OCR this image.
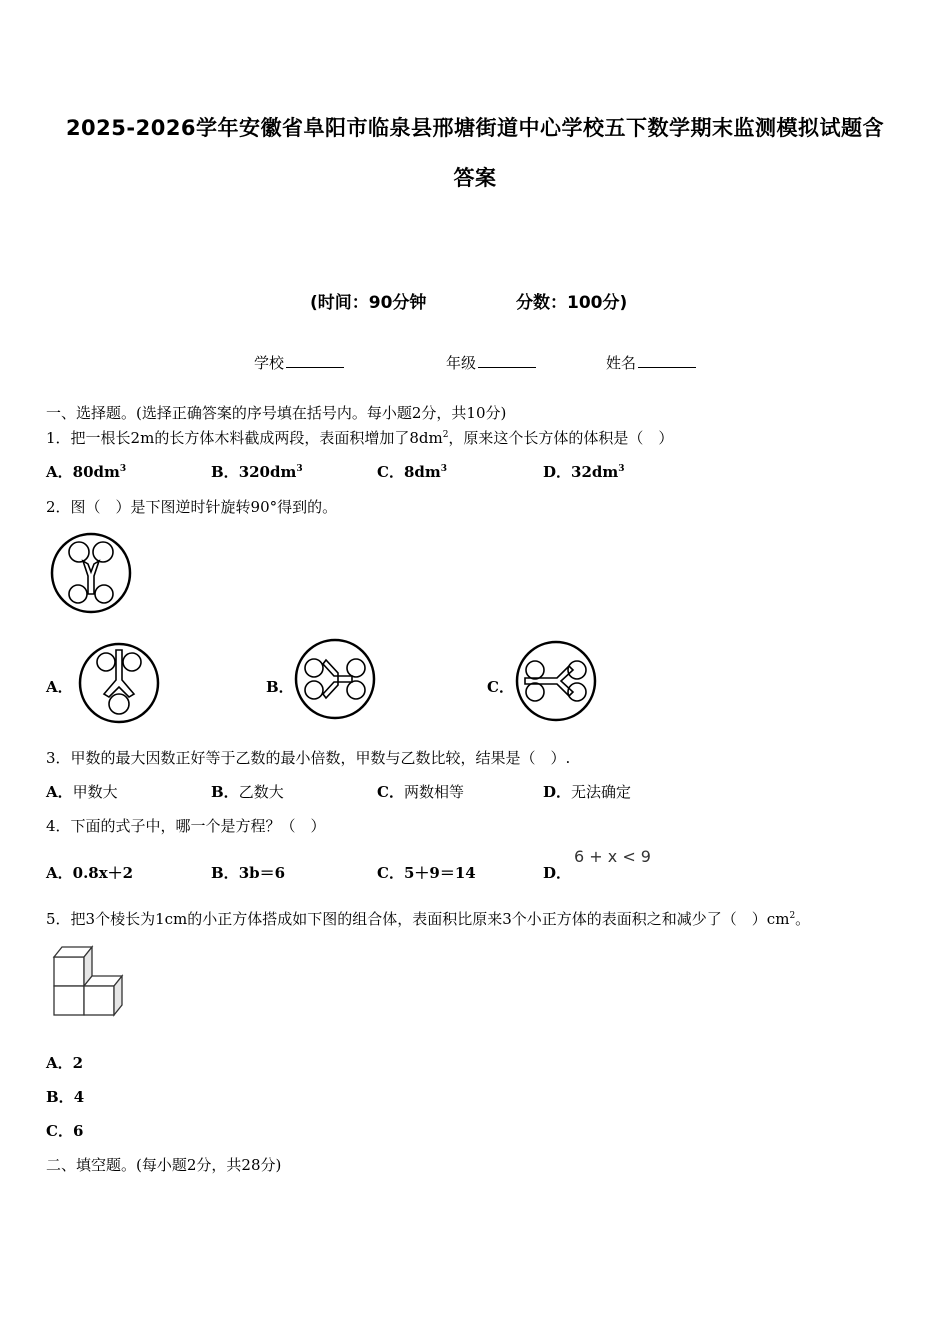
2025-2026学年安徽省阜阳市临泉县邢塘街道中心学校五下数学期末监测模拟试题含
答案
(时间：90分钟	分数：100分)
学校	年级	姓名
一、选择题。(选择正确答案的序号填在括号内。每小题2分，共10分)
1．把一根长2m的长方体木料截成两段，表面积增加了$8dm^2$，原来这个长方体的体积是（　）
A．$80dm^3$	B．$320dm^3$	C．$8dm^3$	D．$32dm^3$
2．图（　）是下图逆时针旋转90°得到的。
A．	B．	C．
3．甲数的最大因数正好等于乙数的最小倍数，甲数与乙数比较，结果是（　）.
A．甲数大	B．乙数大	C．两数相等	D．无法确定
4．下面的式子中，哪一个是方程？（　）
A．0.8x＋2	B．3b＝6	C．5＋9＝14	D．
6 + x < 9
5．把3个棱长为1cm的小正方体搭成如下图的组合体，表面积比原来3个小正方体的表面积之和减少了（　）$cm^2$。
A．2
B．4
C．6
二、填空题。(每小题2分，共28分)
